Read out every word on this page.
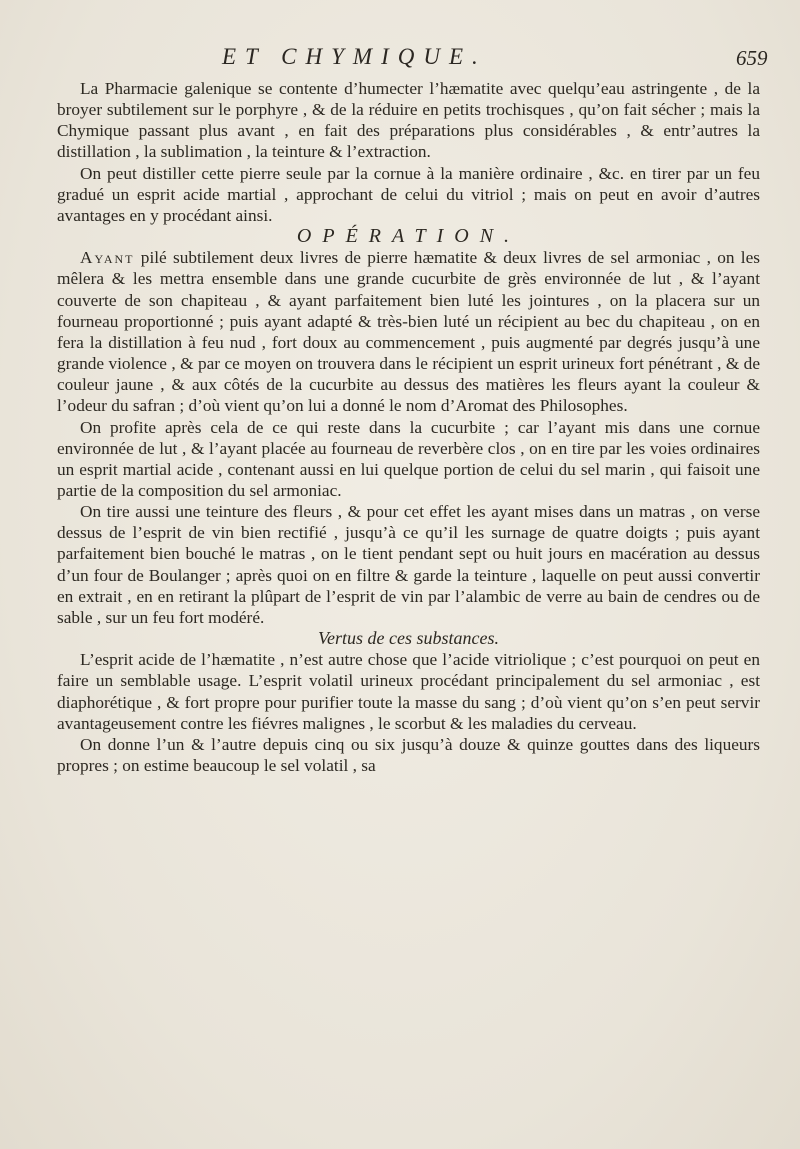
ET CHYMIQUE.	659

La Pharmacie galenique se contente d’humecter l’hæmatite avec quelqu’eau astringente , de la broyer subtilement sur le porphyre , & de la réduire en petits trochisques , qu’on fait sécher ; mais la Chymique passant plus avant , en fait des préparations plus considérables , & entr’autres la distillation , la sublimation , la teinture & l’extraction.

On peut distiller cette pierre seule par la cornue à la manière ordinaire , &c. en tirer par un feu gradué un esprit acide martial , approchant de celui du vitriol ; mais on peut en avoir d’autres avantages en y procédant ainsi.

OPÉRATION.

Ayant pilé subtilement deux livres de pierre hæmatite & deux livres de sel armoniac , on les mêlera & les mettra ensemble dans une grande cucurbite de grès environnée de lut , & l’ayant couverte de son chapiteau , & ayant parfaitement bien luté les jointures , on la placera sur un fourneau proportionné ; puis ayant adapté & très-bien luté un récipient au bec du chapiteau , on en fera la distillation à feu nud , fort doux au commencement , puis augmenté par degrés jusqu’à une grande violence , & par ce moyen on trouvera dans le récipient un esprit urineux fort pénétrant , & de couleur jaune , & aux côtés de la cucurbite au dessus des matières les fleurs ayant la couleur & l’odeur du safran ; d’où vient qu’on lui a donné le nom d’Aromat des Philosophes.

On profite après cela de ce qui reste dans la cucurbite ; car l’ayant mis dans une cornue environnée de lut , & l’ayant placée au fourneau de reverbère clos , on en tire par les voies ordinaires un esprit martial acide , contenant aussi en lui quelque portion de celui du sel marin , qui faisoit une partie de la composition du sel armoniac.

On tire aussi une teinture des fleurs , & pour cet effet les ayant mises dans un matras , on verse dessus de l’esprit de vin bien rectifié , jusqu’à ce qu’il les surnage de quatre doigts ; puis ayant parfaitement bien bouché le matras , on le tient pendant sept ou huit jours en macération au dessus d’un four de Boulanger ; après quoi on en filtre & garde la teinture , laquelle on peut aussi convertir en extrait , en en retirant la plûpart de l’esprit de vin par l’alambic de verre au bain de cendres ou de sable , sur un feu fort modéré.

Vertus de ces substances.

L’esprit acide de l’hæmatite , n’est autre chose que l’acide vitriolique ; c’est pourquoi on peut en faire un semblable usage. L’esprit volatil urineux procédant principalement du sel armoniac , est diaphorétique , & fort propre pour purifier toute la masse du sang ; d’où vient qu’on s’en peut servir avantageusement contre les fiévres malignes , le scorbut & les maladies du cerveau.

On donne l’un & l’autre depuis cinq ou six jusqu’à douze & quinze gouttes dans des liqueurs propres ; on estime beaucoup le sel volatil , sa
